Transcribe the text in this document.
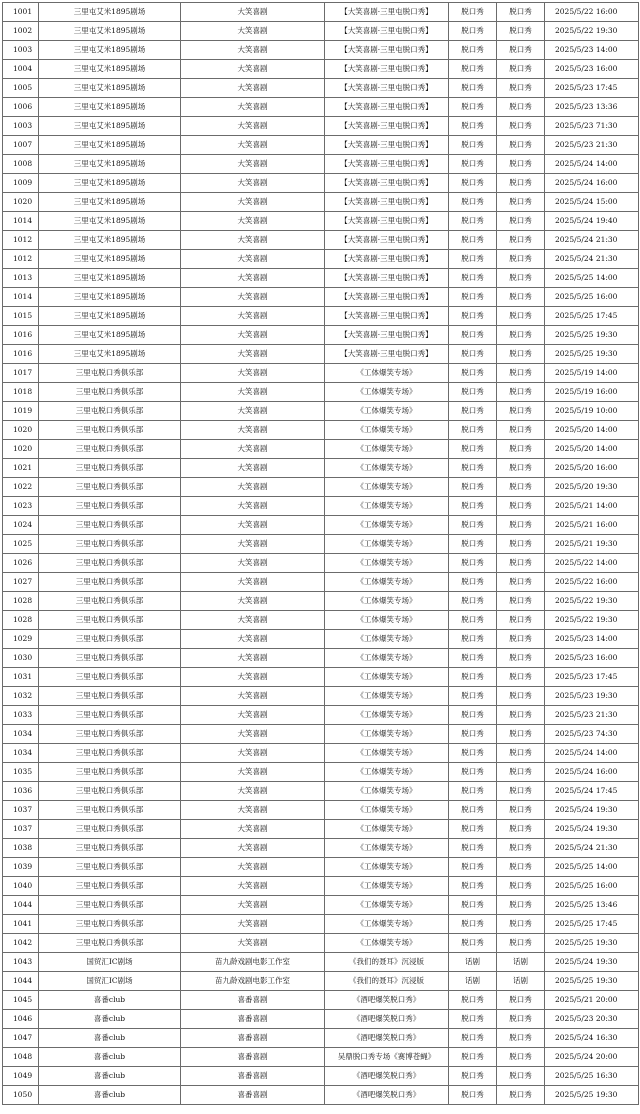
1001	三里屯艾米1895剧场	大笑喜剧	【大笑喜剧·三里屯脱口秀】	脱口秀	脱口秀	2025/5/22 16:00
1002	三里屯艾米1895剧场	大笑喜剧	【大笑喜剧·三里屯脱口秀】	脱口秀	脱口秀	2025/5/22 19:30
1003	三里屯艾米1895剧场	大笑喜剧	【大笑喜剧·三里屯脱口秀】	脱口秀	脱口秀	2025/5/23 14:00
1004	三里屯艾米1895剧场	大笑喜剧	【大笑喜剧·三里屯脱口秀】	脱口秀	脱口秀	2025/5/23 16:00
1005	三里屯艾米1895剧场	大笑喜剧	【大笑喜剧·三里屯脱口秀】	脱口秀	脱口秀	2025/5/23 17:45
1006	三里屯艾米1895剧场	大笑喜剧	【大笑喜剧·三里屯脱口秀】	脱口秀	脱口秀	2025/5/23 13:36
1003	三里屯艾米1895剧场	大笑喜剧	【大笑喜剧·三里屯脱口秀】	脱口秀	脱口秀	2025/5/23 71:30
1007	三里屯艾米1895剧场	大笑喜剧	【大笑喜剧·三里屯脱口秀】	脱口秀	脱口秀	2025/5/23 21:30
1008	三里屯艾米1895剧场	大笑喜剧	【大笑喜剧·三里屯脱口秀】	脱口秀	脱口秀	2025/5/24 14:00
1009	三里屯艾米1895剧场	大笑喜剧	【大笑喜剧·三里屯脱口秀】	脱口秀	脱口秀	2025/5/24 16:00
1020	三里屯艾米1895剧场	大笑喜剧	【大笑喜剧·三里屯脱口秀】	脱口秀	脱口秀	2025/5/24 15:00
1014	三里屯艾米1895剧场	大笑喜剧	【大笑喜剧·三里屯脱口秀】	脱口秀	脱口秀	2025/5/24 19:40
1012	三里屯艾米1895剧场	大笑喜剧	【大笑喜剧·三里屯脱口秀】	脱口秀	脱口秀	2025/5/24 21:30
1012	三里屯艾米1895剧场	大笑喜剧	【大笑喜剧·三里屯脱口秀】	脱口秀	脱口秀	2025/5/24 21:30
1013	三里屯艾米1895剧场	大笑喜剧	【大笑喜剧·三里屯脱口秀】	脱口秀	脱口秀	2025/5/25 14:00
1014	三里屯艾米1895剧场	大笑喜剧	【大笑喜剧·三里屯脱口秀】	脱口秀	脱口秀	2025/5/25 16:00
1015	三里屯艾米1895剧场	大笑喜剧	【大笑喜剧·三里屯脱口秀】	脱口秀	脱口秀	2025/5/25 17:45
1016	三里屯艾米1895剧场	大笑喜剧	【大笑喜剧·三里屯脱口秀】	脱口秀	脱口秀	2025/5/25 19:30
1016	三里屯艾米1895剧场	大笑喜剧	【大笑喜剧·三里屯脱口秀】	脱口秀	脱口秀	2025/5/25 19:30
1017	三里屯脱口秀俱乐部	大笑喜剧	《工体爆笑专场》	脱口秀	脱口秀	2025/5/19 14:00
1018	三里屯脱口秀俱乐部	大笑喜剧	《工体爆笑专场》	脱口秀	脱口秀	2025/5/19 16:00
1019	三里屯脱口秀俱乐部	大笑喜剧	《工体爆笑专场》	脱口秀	脱口秀	2025/5/19 10:00
1020	三里屯脱口秀俱乐部	大笑喜剧	《工体爆笑专场》	脱口秀	脱口秀	2025/5/20 14:00
1020	三里屯脱口秀俱乐部	大笑喜剧	《工体爆笑专场》	脱口秀	脱口秀	2025/5/20 14:00
1021	三里屯脱口秀俱乐部	大笑喜剧	《工体爆笑专场》	脱口秀	脱口秀	2025/5/20 16:00
1022	三里屯脱口秀俱乐部	大笑喜剧	《工体爆笑专场》	脱口秀	脱口秀	2025/5/20 19:30
1023	三里屯脱口秀俱乐部	大笑喜剧	《工体爆笑专场》	脱口秀	脱口秀	2025/5/21 14:00
1024	三里屯脱口秀俱乐部	大笑喜剧	《工体爆笑专场》	脱口秀	脱口秀	2025/5/21 16:00
1025	三里屯脱口秀俱乐部	大笑喜剧	《工体爆笑专场》	脱口秀	脱口秀	2025/5/21 19:30
1026	三里屯脱口秀俱乐部	大笑喜剧	《工体爆笑专场》	脱口秀	脱口秀	2025/5/22 14:00
1027	三里屯脱口秀俱乐部	大笑喜剧	《工体爆笑专场》	脱口秀	脱口秀	2025/5/22 16:00
1028	三里屯脱口秀俱乐部	大笑喜剧	《工体爆笑专场》	脱口秀	脱口秀	2025/5/22 19:30
1028	三里屯脱口秀俱乐部	大笑喜剧	《工体爆笑专场》	脱口秀	脱口秀	2025/5/22 19:30
1029	三里屯脱口秀俱乐部	大笑喜剧	《工体爆笑专场》	脱口秀	脱口秀	2025/5/23 14:00
1030	三里屯脱口秀俱乐部	大笑喜剧	《工体爆笑专场》	脱口秀	脱口秀	2025/5/23 16:00
1031	三里屯脱口秀俱乐部	大笑喜剧	《工体爆笑专场》	脱口秀	脱口秀	2025/5/23 17:45
1032	三里屯脱口秀俱乐部	大笑喜剧	《工体爆笑专场》	脱口秀	脱口秀	2025/5/23 19:30
1033	三里屯脱口秀俱乐部	大笑喜剧	《工体爆笑专场》	脱口秀	脱口秀	2025/5/23 21:30
1034	三里屯脱口秀俱乐部	大笑喜剧	《工体爆笑专场》	脱口秀	脱口秀	2025/5/23 74:30
1034	三里屯脱口秀俱乐部	大笑喜剧	《工体爆笑专场》	脱口秀	脱口秀	2025/5/24 14:00
1035	三里屯脱口秀俱乐部	大笑喜剧	《工体爆笑专场》	脱口秀	脱口秀	2025/5/24 16:00
1036	三里屯脱口秀俱乐部	大笑喜剧	《工体爆笑专场》	脱口秀	脱口秀	2025/5/24 17:45
1037	三里屯脱口秀俱乐部	大笑喜剧	《工体爆笑专场》	脱口秀	脱口秀	2025/5/24 19:30
1037	三里屯脱口秀俱乐部	大笑喜剧	《工体爆笑专场》	脱口秀	脱口秀	2025/5/24 19:30
1038	三里屯脱口秀俱乐部	大笑喜剧	《工体爆笑专场》	脱口秀	脱口秀	2025/5/24 21:30
1039	三里屯脱口秀俱乐部	大笑喜剧	《工体爆笑专场》	脱口秀	脱口秀	2025/5/25 14:00
1040	三里屯脱口秀俱乐部	大笑喜剧	《工体爆笑专场》	脱口秀	脱口秀	2025/5/25 16:00
1044	三里屯脱口秀俱乐部	大笑喜剧	《工体爆笑专场》	脱口秀	脱口秀	2025/5/25 13:46
1041	三里屯脱口秀俱乐部	大笑喜剧	《工体爆笑专场》	脱口秀	脱口秀	2025/5/25 17:45
1042	三里屯脱口秀俱乐部	大笑喜剧	《工体爆笑专场》	脱口秀	脱口秀	2025/5/25 19:30
1043	国贸汇IC剧场	苗九龄戏剧电影工作室	《我们的聂耳》沉浸版	话剧	话剧	2025/5/24 19:30
1044	国贸汇IC剧场	苗九龄戏剧电影工作室	《我们的聂耳》沉浸版	话剧	话剧	2025/5/25 19:30
1045	喜番club	喜番喜剧	《酒吧爆笑脱口秀》	脱口秀	脱口秀	2025/5/21 20:00
1046	喜番club	喜番喜剧	《酒吧爆笑脱口秀》	脱口秀	脱口秀	2025/5/23 20:30
1047	喜番club	喜番喜剧	《酒吧爆笑脱口秀》	脱口秀	脱口秀	2025/5/24 16:30
1048	喜番club	喜番喜剧	吴鼎脱口秀专场《赛博苍蝇》	脱口秀	脱口秀	2025/5/24 20:00
1049	喜番club	喜番喜剧	《酒吧爆笑脱口秀》	脱口秀	脱口秀	2025/5/25 16:30
1050	喜番club	喜番喜剧	《酒吧爆笑脱口秀》	脱口秀	脱口秀	2025/5/25 19:30
